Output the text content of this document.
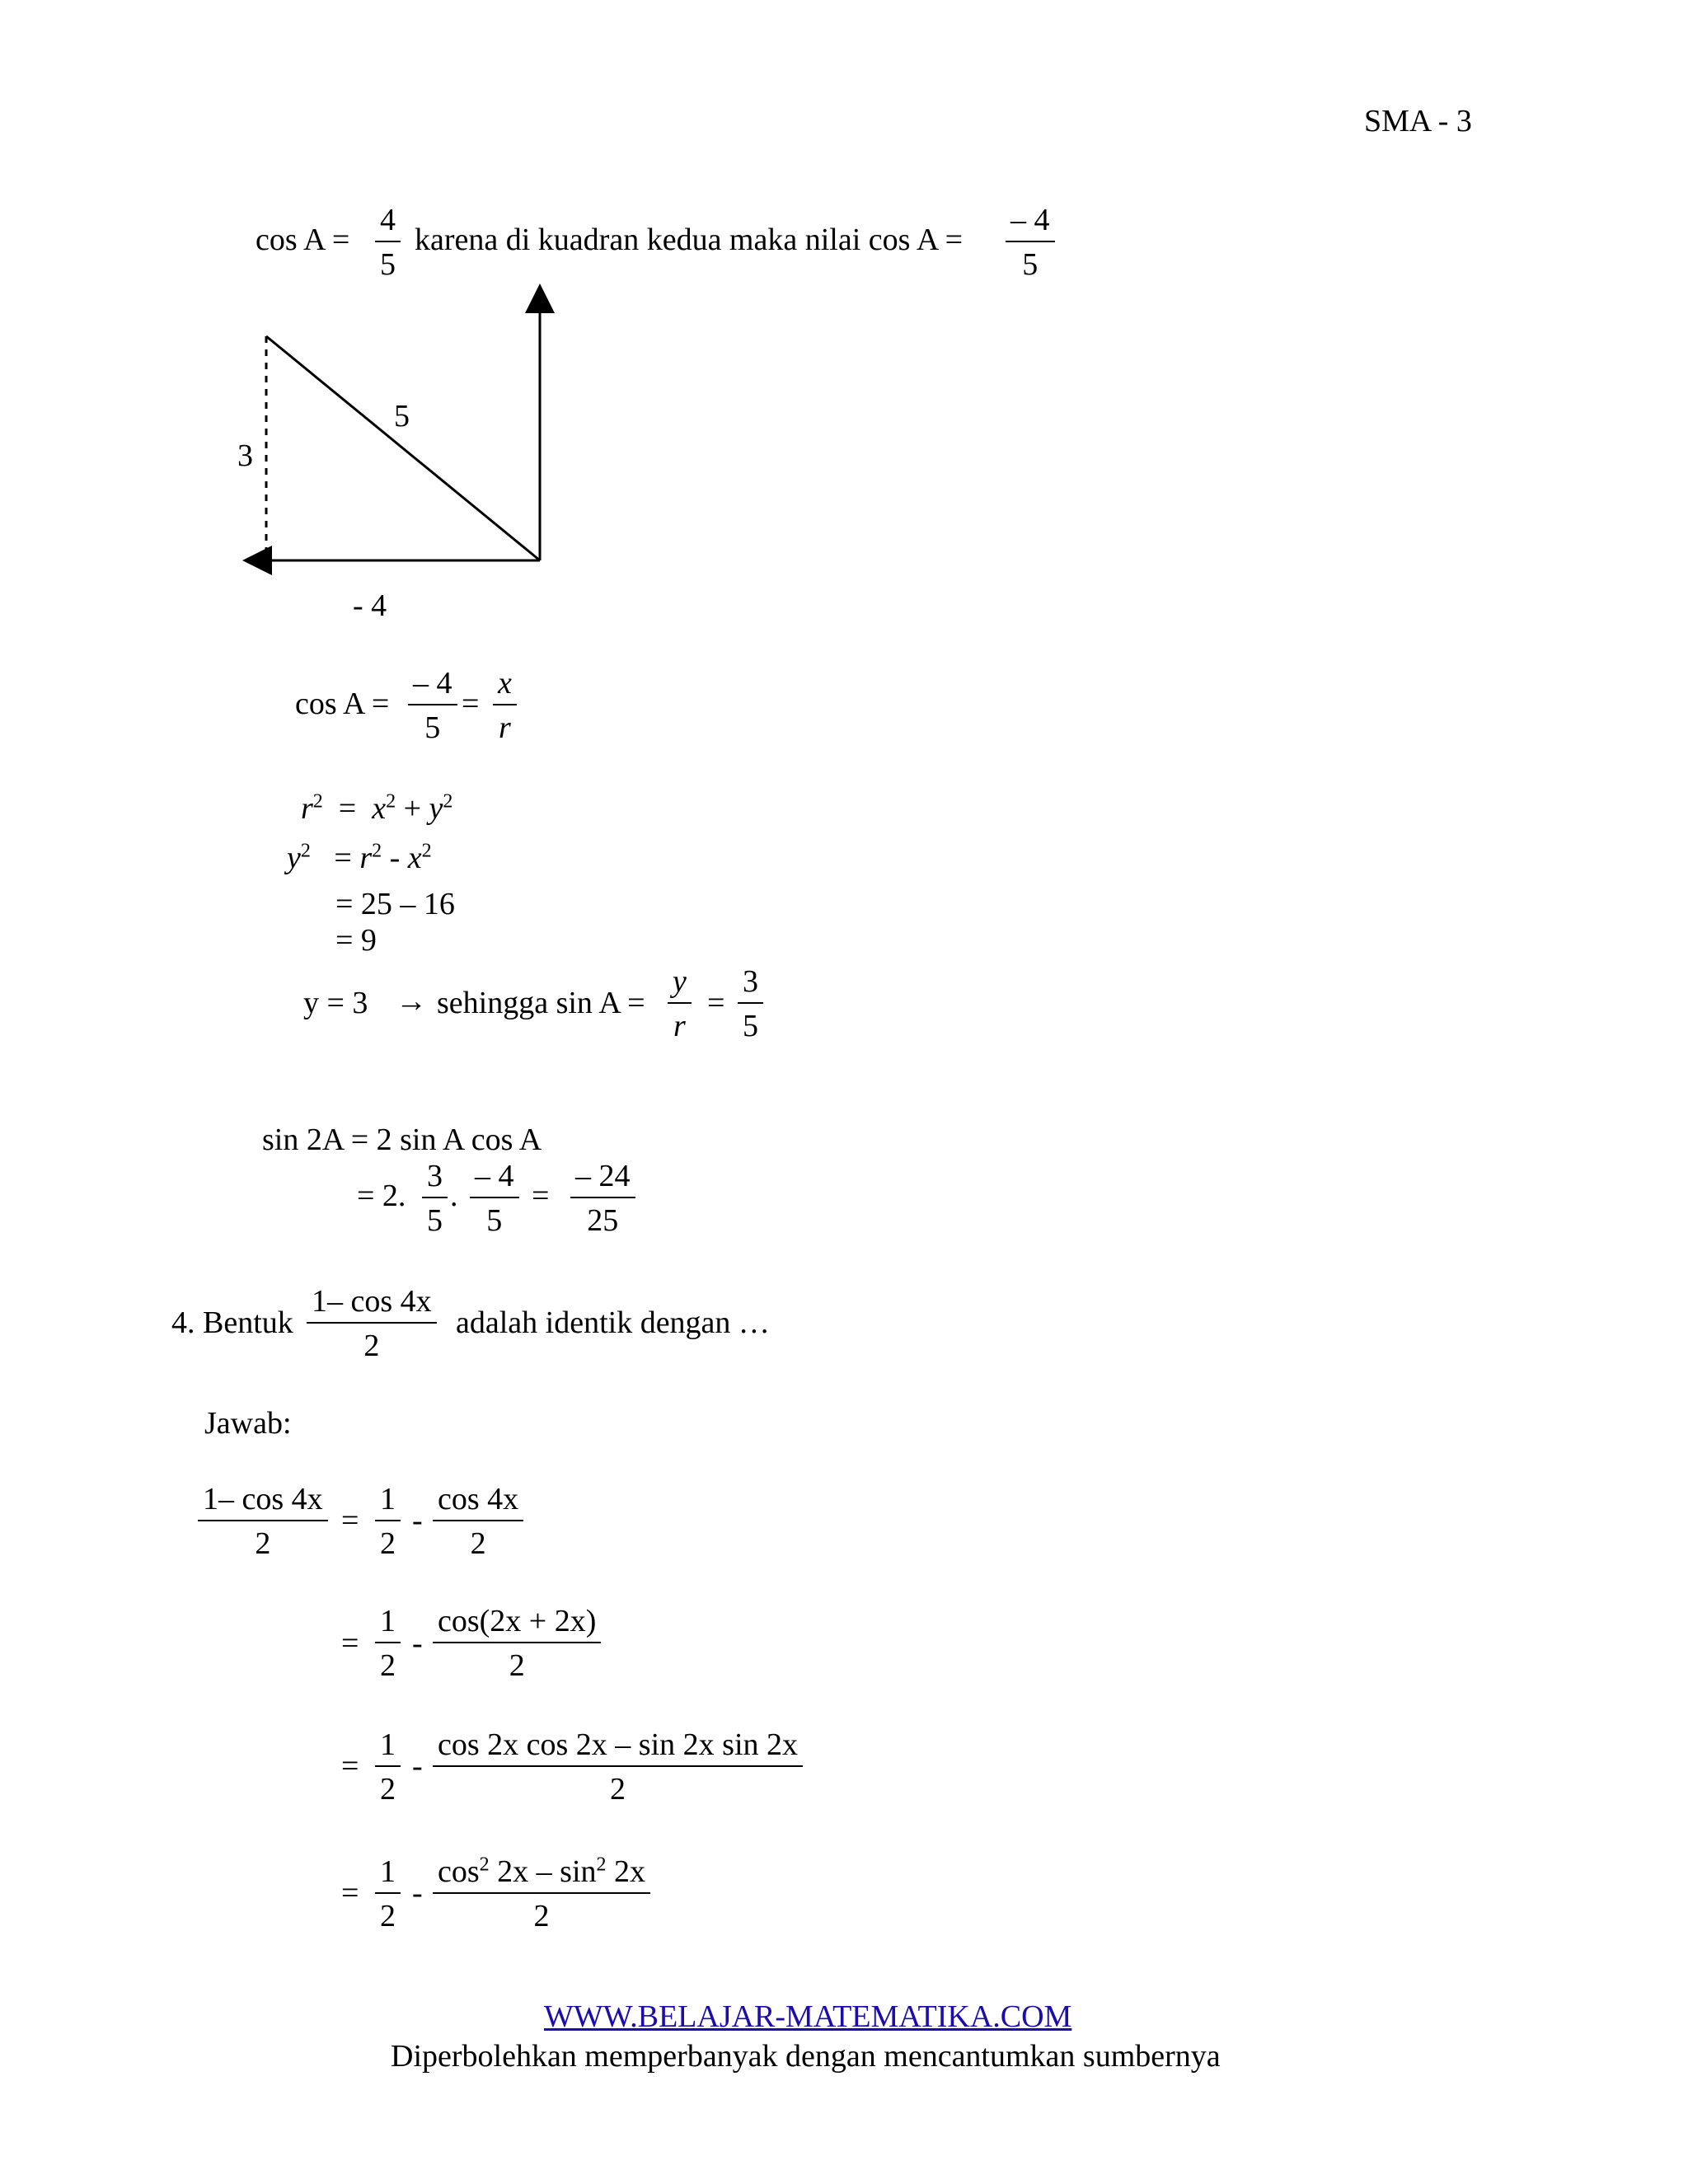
SMA - 3
$\cos A = \frac{4}{5}$ karena di kuadran kedua maka nilai $\cos A = \frac{- 4}{5}$
5
3
- 4
$\cos A = \frac{- 4}{5} = \frac{x}{r}$
$r^2 = x^2 + y^2$
$y^2 = r^2 - x^2$
= 25 – 16
= 9
y = 3 → sehingga $\sin A = \frac{y}{r} = \frac{3}{5}$
sin 2A = 2 sin A cos A
= 2. $\frac{3}{5}$ . $\frac{- 4}{5} = \frac{- 24}{25}$
4. Bentuk $\frac{1- \cos 4x}{2}$ adalah identik dengan …
Jawab:
$\frac{1- \cos 4x}{2} = \frac{1}{2} - \frac{\cos 4x}{2}$
= $\frac{1}{2} - \frac{\cos(2x + 2x)}{2}$
= $\frac{1}{2} - \frac{\text{cos 2x cos 2x – sin 2x sin 2x}}{2}$
= $\frac{1}{2} - \frac{\cos^2 2x - \sin^2 2x}{2}$
WWW.BELAJAR-MATEMATIKA.COM
Diperbolehkan memperbanyak dengan mencantumkan sumbernya
